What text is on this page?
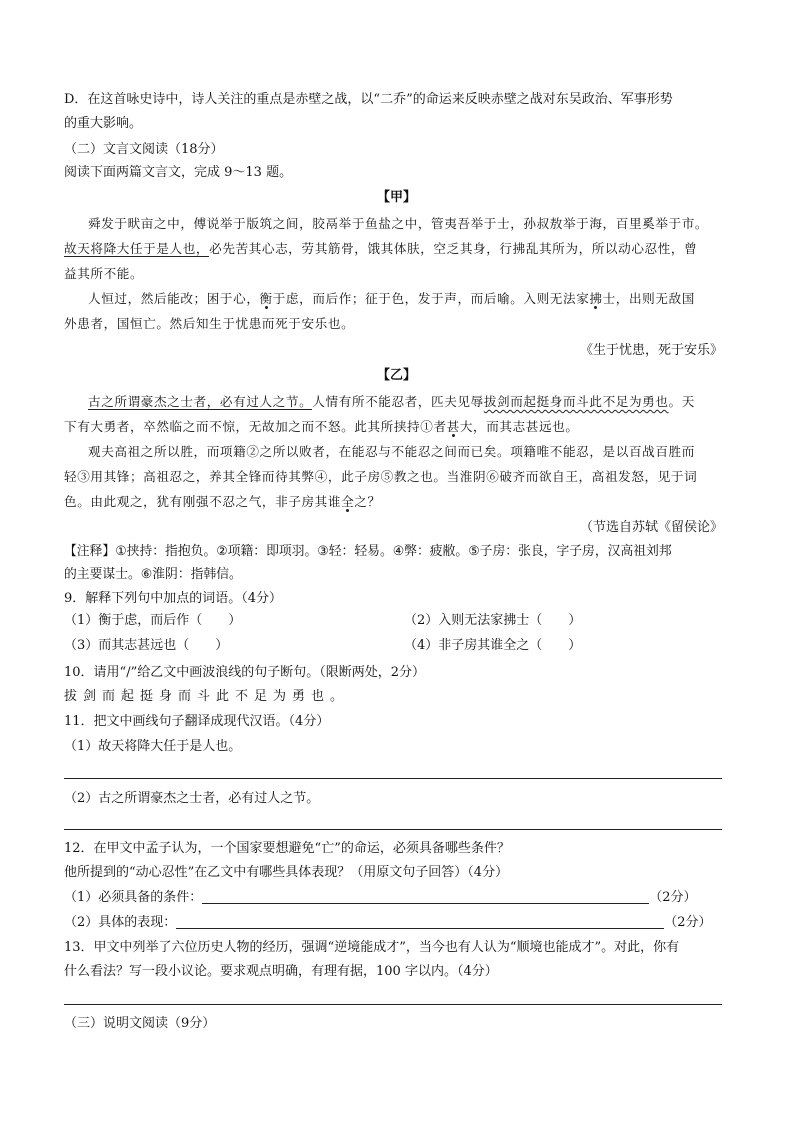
D．在这首咏史诗中，诗人关注的重点是赤壁之战，以“二乔”的命运来反映赤壁之战对东吴政治、军事形势
的重大影响。
（二）文言文阅读（18分）
阅读下面两篇文言文，完成 9～13 题。
【甲】
舜发于畎亩之中，傅说举于版筑之间，胶鬲举于鱼盐之中，管夷吾举于士，孙叔敖举于海，百里奚举于市。
故天将降大任于是人也，必先苦其心志，劳其筋骨，饿其体肤，空乏其身，行拂乱其所为，所以动心忍性，曾
益其所不能。
人恒过，然后能改；困于心，衡于虑，而后作；征于色，发于声，而后喻。入则无法家拂士，出则无敌国
外患者，国恒亡。然后知生于忧患而死于安乐也。
《生于忧患，死于安乐》
【乙】
古之所谓豪杰之士者，必有过人之节。人情有所不能忍者，匹夫见辱拔剑而起挺身而斗此不足为勇也。天
下有大勇者，卒然临之而不惊，无故加之而不怒。此其所挟持①者甚大，而其志甚远也。
观夫高祖之所以胜，而项籍②之所以败者，在能忍与不能忍之间而已矣。项籍唯不能忍，是以百战百胜而
轻③用其锋；高祖忍之，养其全锋而待其弊④，此子房⑤教之也。当淮阴⑥破齐而欲自王，高祖发怒，见于词
色。由此观之，犹有刚强不忍之气，非子房其谁全之？
（节选自苏轼《留侯论》
【注释】①挟持：指抱负。②项籍：即项羽。③轻：轻易。④弊：疲敝。⑤子房：张良，字子房，汉高祖刘邦
的主要谋士。⑥淮阴：指韩信。
9．解释下列句中加点的词语。（4分）
（1）衡于虑，而后作（　　）	（2）入则无法家拂士（　　）
（3）而其志甚远也（　　）	（4）非子房其谁全之（　　）
10．请用“/”给乙文中画波浪线的句子断句。（限断两处，2分）
拔剑而起挺身而斗此不足为勇也。
11．把文中画线句子翻译成现代汉语。（4分）
（1）故天将降大任于是人也。
（2）古之所谓豪杰之士者，必有过人之节。
12．在甲文中孟子认为，一个国家要想避免“亡”的命运，必须具备哪些条件？
他所提到的“动心忍性”在乙文中有哪些具体表现？（用原文句子回答）（4分）
（1）必须具备的条件：	（2分）
（2）具体的表现：	（2分）
13．甲文中列举了六位历史人物的经历，强调“逆境能成才”，当今也有人认为“顺境也能成才”。对此，你有
什么看法？写一段小议论。要求观点明确，有理有据，100 字以内。（4分）
（三）说明文阅读（9分）
